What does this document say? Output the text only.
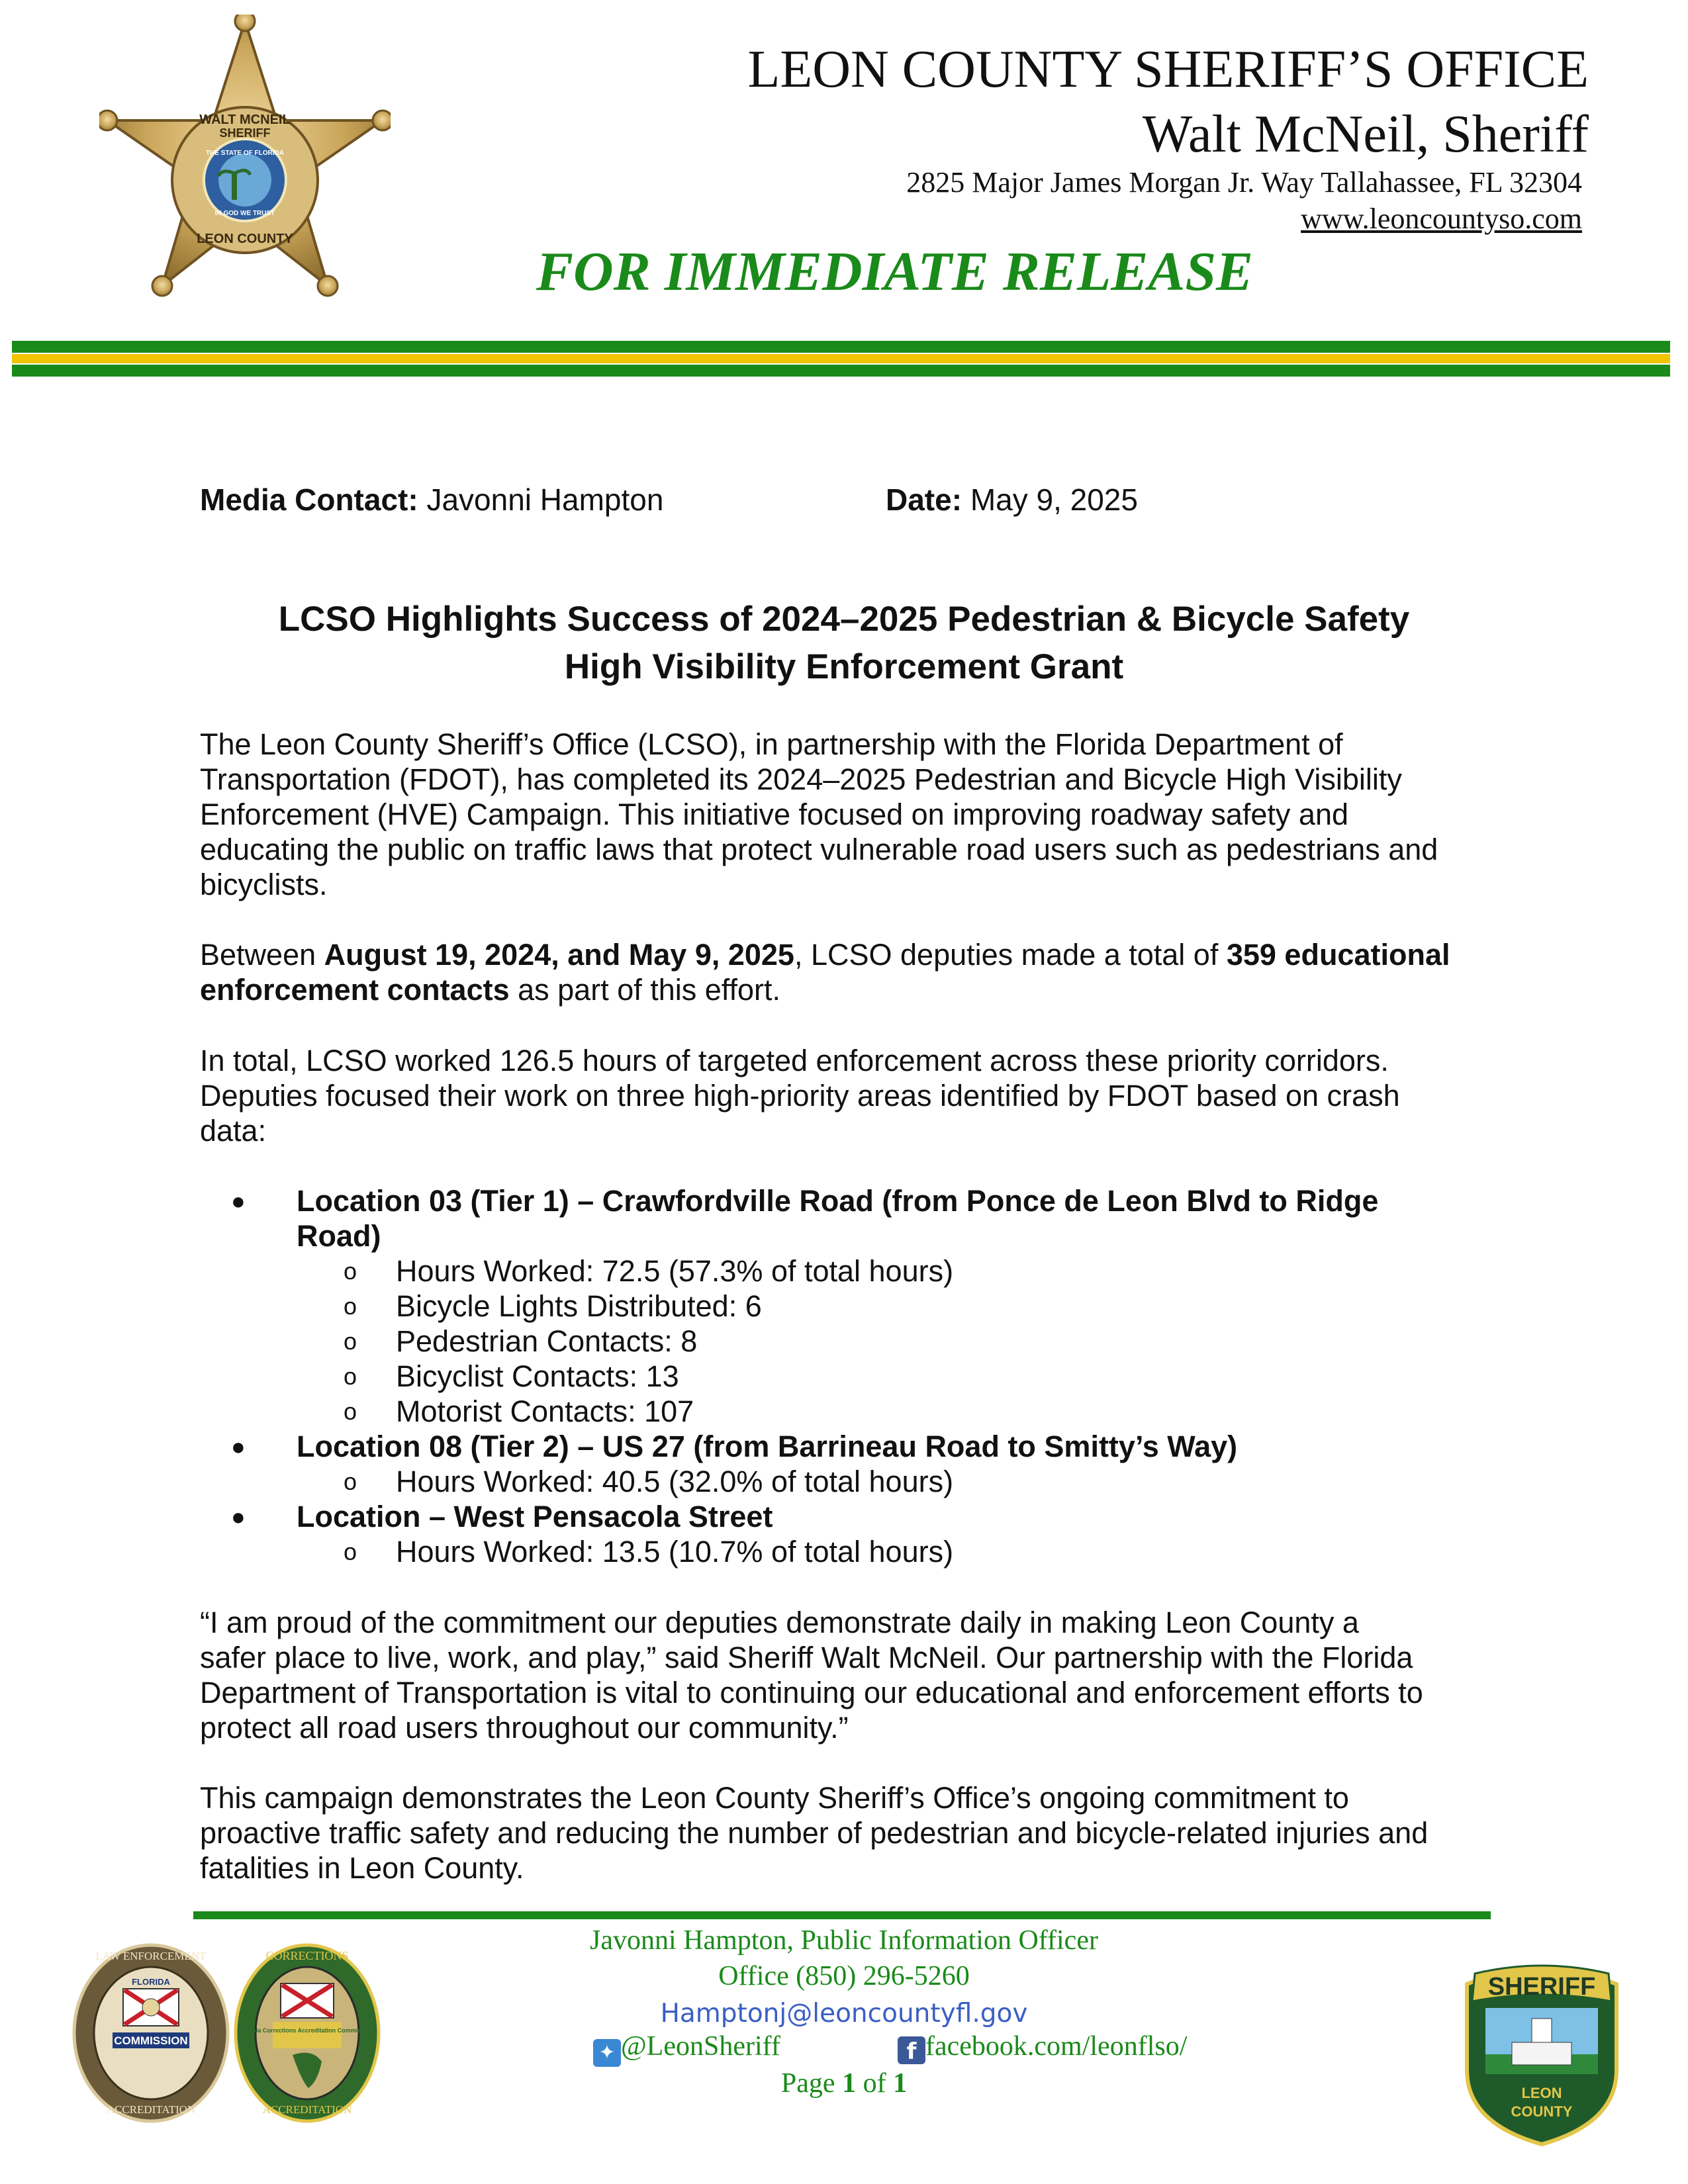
WALT MCNEIL
SHERIFF
THE STATE OF FLORIDA
IN GOD WE TRUST
LEON COUNTY
LEON COUNTY SHERIFF’S OFFICE
Walt McNeil, Sheriff
2825 Major James Morgan Jr. Way Tallahassee, FL 32304
www.leoncountyso.com
FOR IMMEDIATE RELEASE
Media Contact: Javonni Hampton	Date: May 9, 2025
LCSO Highlights Success of 2024–2025 Pedestrian & Bicycle Safety
High Visibility Enforcement Grant
The Leon County Sheriff’s Office (LCSO), in partnership with the Florida Department of
Transportation (FDOT), has completed its 2024–2025 Pedestrian and Bicycle High Visibility
Enforcement (HVE) Campaign. This initiative focused on improving roadway safety and
educating the public on traffic laws that protect vulnerable road users such as pedestrians and
bicyclists.
Between August 19, 2024, and May 9, 2025, LCSO deputies made a total of 359 educational
enforcement contacts as part of this effort.
In total, LCSO worked 126.5 hours of targeted enforcement across these priority corridors.
Deputies focused their work on three high-priority areas identified by FDOT based on crash
data:
● Location 03 (Tier 1) – Crawfordville Road (from Ponce de Leon Blvd to Ridge
Road)
o Hours Worked: 72.5 (57.3% of total hours)
o Bicycle Lights Distributed: 6
o Pedestrian Contacts: 8
o Bicyclist Contacts: 13
o Motorist Contacts: 107
●	Location 08 (Tier 2) – US 27 (from Barrineau Road to Smitty’s Way)
o Hours Worked: 40.5 (32.0% of total hours)
●	Location – West Pensacola Street
o Hours Worked: 13.5 (10.7% of total hours)
“I am proud of the commitment our deputies demonstrate daily in making Leon County a
safer place to live, work, and play,” said Sheriff Walt McNeil. Our partnership with the Florida
Department of Transportation is vital to continuing our educational and enforcement efforts to
protect all road users throughout our community.”
This campaign demonstrates the Leon County Sheriff’s Office’s ongoing commitment to
proactive traffic safety and reducing the number of pedestrian and bicycle-related injuries and
fatalities in Leon County.
Javonni Hampton, Public Information Officer
Office (850) 296-5260
Hamptonj@leoncountyfl.gov
✦ @LeonSheriff	f facebook.com/leonflso/
Page 1 of 1
COMMISSION
FLORIDA
LAW ENFORCEMENT
ACCREDITATION
Florida Corrections Accreditation Commission
CORRECTIONS
ACCREDITATION
SHERIFF
LEON
COUNTY
